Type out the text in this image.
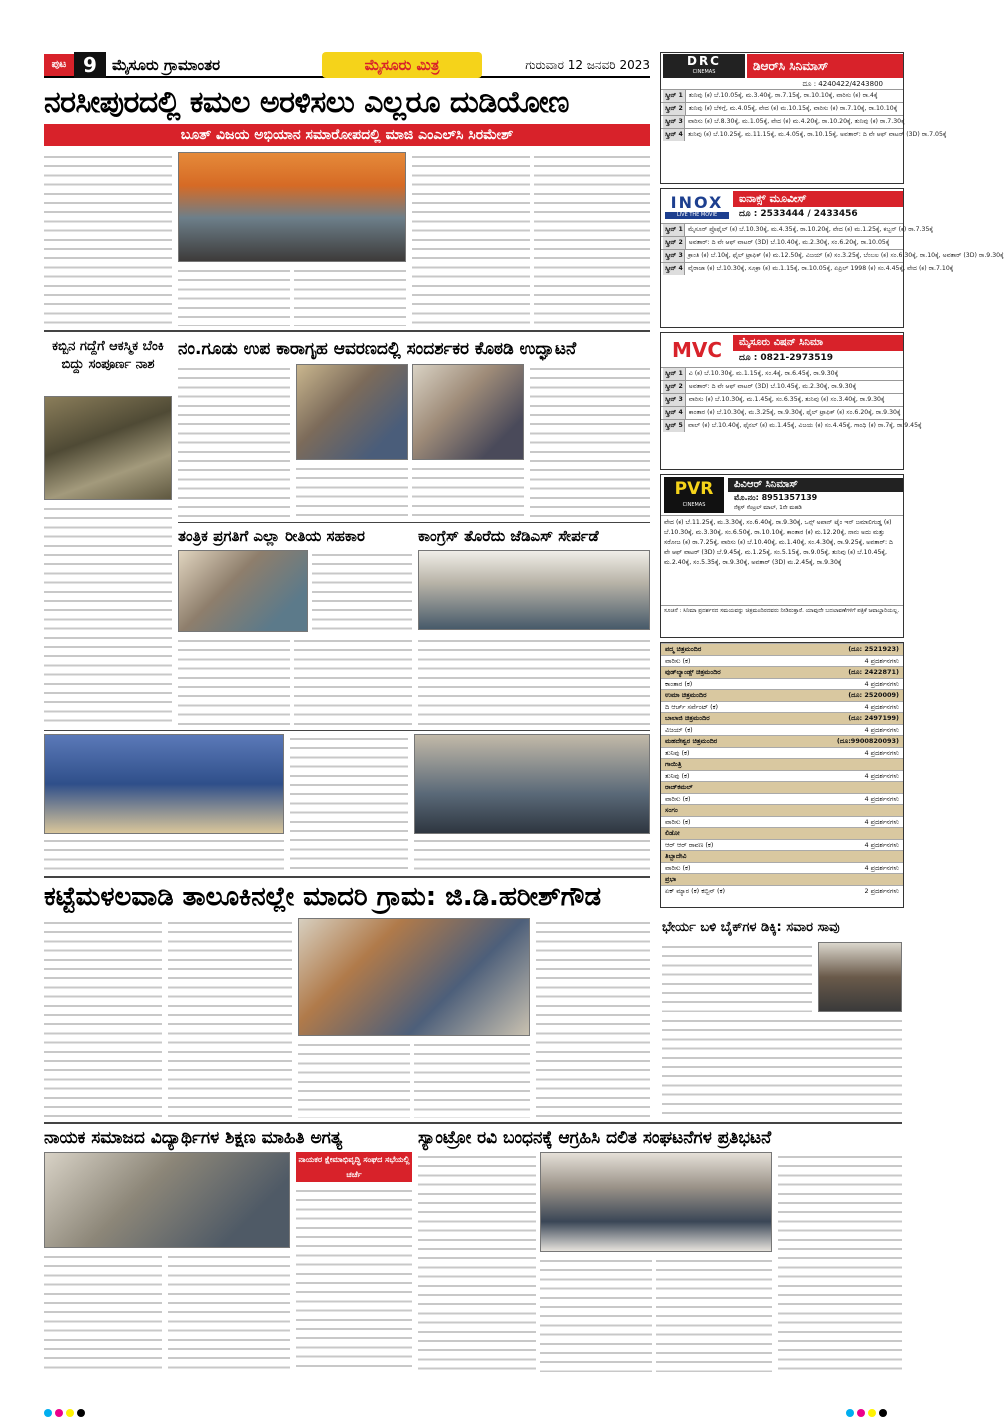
ಪುಟ 9	ಮೈಸೂರು ಗ್ರಾಮಾಂತರ	ಮೈಸೂರು ಮಿತ್ರ	ಗುರುವಾರ 12 ಜನವರಿ 2023
ನರಸೀಪುರದಲ್ಲಿ ಕಮಲ ಅರಳಿಸಲು ಎಲ್ಲರೂ ದುಡಿಯೋಣ
ಬೂತ್ ವಿಜಯ ಅಭಿಯಾನ ಸಮಾರೋಪದಲ್ಲಿ ಮಾಜಿ ಎಂಎಲ್‌ಸಿ ಸಿರಮೇಶ್
ಕಬ್ಬಿನ ಗದ್ದೆಗೆ ಆಕಸ್ಮಿಕ ಬೆಂಕಿ ಬಿದ್ದು ಸಂಪೂರ್ಣ ನಾಶ
ನಂ.ಗೂಡು ಉಪ ಕಾರಾಗೃಹ ಆವರಣದಲ್ಲಿ ಸಂದರ್ಶಕರ ಕೊಠಡಿ ಉದ್ಘಾಟನೆ
ತಂತ್ರಿಕ ಪ್ರಗತಿಗೆ ಎಲ್ಲಾ ರೀತಿಯ ಸಹಕಾರ	ಕಾಂಗ್ರೆಸ್ ತೊರೆದು ಜೆಡಿಎಸ್ ಸೇರ್ಪಡೆ
ಕಟ್ಟೆಮಳಲವಾಡಿ ತಾಲೂಕಿನಲ್ಲೇ ಮಾದರಿ ಗ್ರಾಮ: ಜಿ.ಡಿ.ಹರೀಶ್‌ಗೌಡ
ಭೇರ್ಯ ಬಳಿ ಬೈಕ್‌ಗಳ ಡಿಕ್ಕಿ: ಸವಾರ ಸಾವು
ನಾಯಕ ಸಮಾಜದ ವಿದ್ಯಾರ್ಥಿಗಳ ಶಿಕ್ಷಣ ಮಾಹಿತಿ ಅಗತ್ಯ
ನಾಯಕರ ಕ್ಷೇಮಾಭಿವೃದ್ಧಿ ಸಂಘದ ಸಭೆಯಲ್ಲಿ ಚರ್ಚೆ
ಸ್ಯಾಂಟ್ರೋ ರವಿ ಬಂಧನಕ್ಕೆ ಆಗ್ರಹಿಸಿ ದಲಿತ ಸಂಘಟನೆಗಳ ಪ್ರತಿಭಟನೆ
DRC
CINEMAS	ಡಿಆರ್‌ಸಿ ಸಿನಿಮಾಸ್
ದೂ : 4240422/4243800
ಸ್ಕ್ರೀನ್ 1 ತುನಿವು (ಕ) ಬೆ.10.05ಕ್ಕೆ, ಮ.3.40ಕ್ಕೆ, ರಾ.7.15ಕ್ಕೆ, ರಾ.10.10ಕ್ಕೆ, ವಾರಿಸು (ಕ) ರಾ.4ಕ್ಕೆ
ಸ್ಕ್ರೀನ್ 2 ತುನಿವು (ಕ) ಬೆಳಿಗ್ಗೆ, ಮ.4.05ಕ್ಕೆ, ವೇದ (ಕ) ಮ.10.15ಕ್ಕೆ, ವಾರಿಸು (ಕ) ರಾ.7.10ಕ್ಕೆ, ರಾ.10.10ಕ್ಕೆ
ಸ್ಕ್ರೀನ್ 3 ವಾರಿಸು (ಕ) ಬೆ.8.30ಕ್ಕೆ, ಮ.1.05ಕ್ಕೆ, ವೇದ (ಕ) ಮ.4.20ಕ್ಕೆ, ರಾ.10.20ಕ್ಕೆ, ತುನಿವು (ಕ) ರಾ.7.30ಕ್ಕೆ
ಸ್ಕ್ರೀನ್ 4 ತುನಿವು (ಕ) ಬೆ.10.25ಕ್ಕೆ, ಮ.11.15ಕ್ಕೆ, ಮ.4.05ಕ್ಕೆ, ರಾ.10.15ಕ್ಕೆ, ಅವತಾರ್: ದಿ ವೇ ಆಫ್ ವಾಟರ್ (3D) ರಾ.7.05ಕ್ಕೆ
INOX
LIVE THE MOVIE
ಐನಾಕ್ಸ್ ಮೂವೀಸ್
ದೂ : 2533444 / 2433456
ಸ್ಕ್ರೀನ್ 1 ಮೈಸೂರ್ ಪ್ರೊಫೈಲ್ (ಕ) ಬೆ.10.30ಕ್ಕೆ, ಮ.4.35ಕ್ಕೆ, ರಾ.10.20ಕ್ಕೆ, ವೇದ (ಕ) ಮ.1.25ಕ್ಕೆ, ಕಬ್ಬನ್ (ಕ) ರಾ.7.35ಕ್ಕೆ
ಸ್ಕ್ರೀನ್ 2 ಅವತಾರ್: ದಿ ವೇ ಆಫ್ ವಾಟರ್ (3D) ಬೆ.10.40ಕ್ಕೆ, ಮ.2.30ಕ್ಕೆ, ಸಂ.6.20ಕ್ಕೆ, ರಾ.10.05ಕ್ಕೆ
ಸ್ಕ್ರೀನ್ 3 ಕ್ರಾಂತಿ (ಕ) ಬೆ.10ಕ್ಕೆ, ಫೈಲ್ ಟ್ರಾಫಿಕ್ (ಕ) ಮ.12.50ಕ್ಕೆ, ವಿಜಯ್ (ಕ) ಸಂ.3.25ಕ್ಕೆ, ಬೆಂಬಲ (ಕ) ಸಂ.6.30ಕ್ಕೆ, ರಾ.10ಕ್ಕೆ, ಅವತಾರ್ (3D) ರಾ.9.30ಕ್ಕೆ
ಸ್ಕ್ರೀನ್ 4 ವೈರಾಜಾ (ಕ) ಬೆ.10.30ಕ್ಕೆ, ಸೂಕ್ರಾ (ಕ) ಮ.1.15ಕ್ಕೆ, ರಾ.10.05ಕ್ಕೆ, ಏಪ್ರಿಲ್ 1998 (ಕ) ಸಂ.4.45ಕ್ಕೆ, ವೇದ (ಕ) ರಾ.7.10ಕ್ಕೆ
MVC	ಮೈಸೂರು ವಿಷನ್ ಸಿನಿಮಾ
ದೂ : 0821-2973519
ಸ್ಕ್ರೀನ್ 1 ವಿ (ಕ) ಬೆ.10.30ಕ್ಕೆ, ಮ.1.15ಕ್ಕೆ, ಸಂ.4ಕ್ಕೆ, ರಾ.6.45ಕ್ಕೆ, ರಾ.9.30ಕ್ಕೆ
ಸ್ಕ್ರೀನ್ 2 ಅವತಾರ್: ದಿ ವೇ ಆಫ್ ವಾಟರ್ (3D) ಬೆ.10.45ಕ್ಕೆ, ಮ.2.30ಕ್ಕೆ, ರಾ.9.30ಕ್ಕೆ
ಸ್ಕ್ರೀನ್ 3 ವಾರಿಸು (ಕ) ಬೆ.10.30ಕ್ಕೆ, ಮ.1.45ಕ್ಕೆ, ಸಂ.6.35ಕ್ಕೆ, ತುನಿವು (ಕ) ಸಂ.3.40ಕ್ಕೆ, ರಾ.9.30ಕ್ಕೆ
ಸ್ಕ್ರೀನ್ 4 ಕಾಂತಾರ (ಕ) ಬೆ.10.30ಕ್ಕೆ, ಮ.3.25ಕ್ಕೆ, ರಾ.9.30ಕ್ಕೆ, ಫೈಲ್ ಟ್ರಾಫಿಕ್ (ಕ) ಸಂ.6.20ಕ್ಕೆ, ರಾ.9.30ಕ್ಕೆ
ಸ್ಕ್ರೀನ್ 5 ವಾಲ್ (ಕ) ಬೆ.10.40ಕ್ಕೆ, ಫೈನಲ್ (ಕ) ಮ.1.45ಕ್ಕೆ, ವಿಜಯ (ಕ) ಸಂ.4.45ಕ್ಕೆ, ಗಾಂಧಿ (ಕ) ರಾ.7ಕ್ಕೆ, ರಾ.9.45ಕ್ಕೆ
PVR
CINEMAS
ಪಿವಿಆರ್ ಸಿನಿಮಾಸ್
ಮೊ.ನಂ: 8951357139
ನೆಕ್ಸಸ್ ಸೆಂಟ್ರಲ್ ಮಾಲ್, 1ನೇ ಮಹಡಿ
ವೇದ (ಕ) ಬೆ.11.25ಕ್ಕೆ, ಮ.3.30ಕ್ಕೆ, ಸಂ.6.40ಕ್ಕೆ, ರಾ.9.30ಕ್ಕೆ, ಒನ್ಸ್ ಅಪಾನ್ ಟೈಂ ಇನ್ ಜಮಾಲಿಗುಡ್ಡ (ಕ) ಬೆ.10.30ಕ್ಕೆ, ಮ.3.30ಕ್ಕೆ, ಸಂ.6.50ಕ್ಕೆ, ರಾ.10.10ಕ್ಕೆ, ಕಾಂತಾರ (ಕ) ಮ.12.20ಕ್ಕೆ, ನಾನು ಅದು ಮತ್ತು ಸರೋಜ (ಕ) ರಾ.7.25ಕ್ಕೆ, ವಾರಿಸು (ಕ) ಬೆ.10.40ಕ್ಕೆ, ಮ.1.40ಕ್ಕೆ, ಸಂ.4.30ಕ್ಕೆ, ರಾ.9.25ಕ್ಕೆ, ಅವತಾರ್: ದಿ ವೇ ಆಫ್ ವಾಟರ್ (3D) ಬೆ.9.45ಕ್ಕೆ, ಮ.1.25ಕ್ಕೆ, ಸಂ.5.15ಕ್ಕೆ, ರಾ.9.05ಕ್ಕೆ, ತುನಿವು (ಕ) ಬೆ.10.45ಕ್ಕೆ, ಮ.2.40ಕ್ಕೆ, ಸಂ.5.35ಕ್ಕೆ, ರಾ.9.30ಕ್ಕೆ, ಅವತಾರ್ (3D) ಮ.2.45ಕ್ಕೆ, ರಾ.9.30ಕ್ಕೆ
ಸೂಚನೆ : ಸಿನಿಮಾ ಪ್ರದರ್ಶನದ ಸಮಯವನ್ನು ಚಿತ್ರಮಂದಿರದವರು ನೀಡಿರುತ್ತಾರೆ. ಯಾವುದೇ ಬದಲಾವಣೆಗಳಿಗೆ ಪತ್ರಿಕೆ ಜವಾಬ್ದಾರಿಯಲ್ಲ.
ಪದ್ಮ ಚಿತ್ರಮಂದಿರ	(ದೂ: 2521923)
ವಾರಿಸು (ಕ)	4 ಪ್ರದರ್ಶನಗಳು
ವುಡ್‌ಲ್ಯಾಂಡ್ಸ್ ಚಿತ್ರಮಂದಿರ	(ದೂ: 2422871)
ಕಾಂತಾರ (ಕ)	4 ಪ್ರದರ್ಶನಗಳು
ಉಮಾ ಚಿತ್ರಮಂದಿರ	(ದೂ: 2520009)
ದಿ ಆರ್ಚ್ ಸರ್ವೆಂಟ್ (ಕ)	4 ಪ್ರದರ್ಶನಗಳು
ಬಾಲಾಜಿ ಚಿತ್ರಮಂದಿರ	(ದೂ: 2497199)
ವಿಜಯ್ (ಕ)	4 ಪ್ರದರ್ಶನಗಳು
ಮಹದೇಶ್ವರ ಚಿತ್ರಮಂದಿರ	(ದೂ:9900820093)
ತುನಿವು (ಕ)	4 ಪ್ರದರ್ಶನಗಳು
ಗಾಯಿತ್ರಿ
ತುನಿವು (ಕ)	4 ಪ್ರದರ್ಶನಗಳು
ರಾಜ್‌ಕಮಲ್
ವಾರಿಸು (ಕ)	4 ಪ್ರದರ್ಶನಗಳು
ಸಂಗಂ
ವಾರಿಸು (ಕ)	4 ಪ್ರದರ್ಶನಗಳು
ಲಿಡೋ
ಆರ್‌ ಆರ್ ರಾವಣ (ಕ)	4 ಪ್ರದರ್ಶನಗಳು
ತಿಬ್ಬಾದೇವಿ
ವಾರಿಸು (ಕ)	4 ಪ್ರದರ್ಶನಗಳು
ಪ್ರಭಾ
ಏಕ್ ಮ್ಯಾರ (ಕ) ಕಬ್ಬಿನ್ (ಕ)	2 ಪ್ರದರ್ಶನಗಳು
